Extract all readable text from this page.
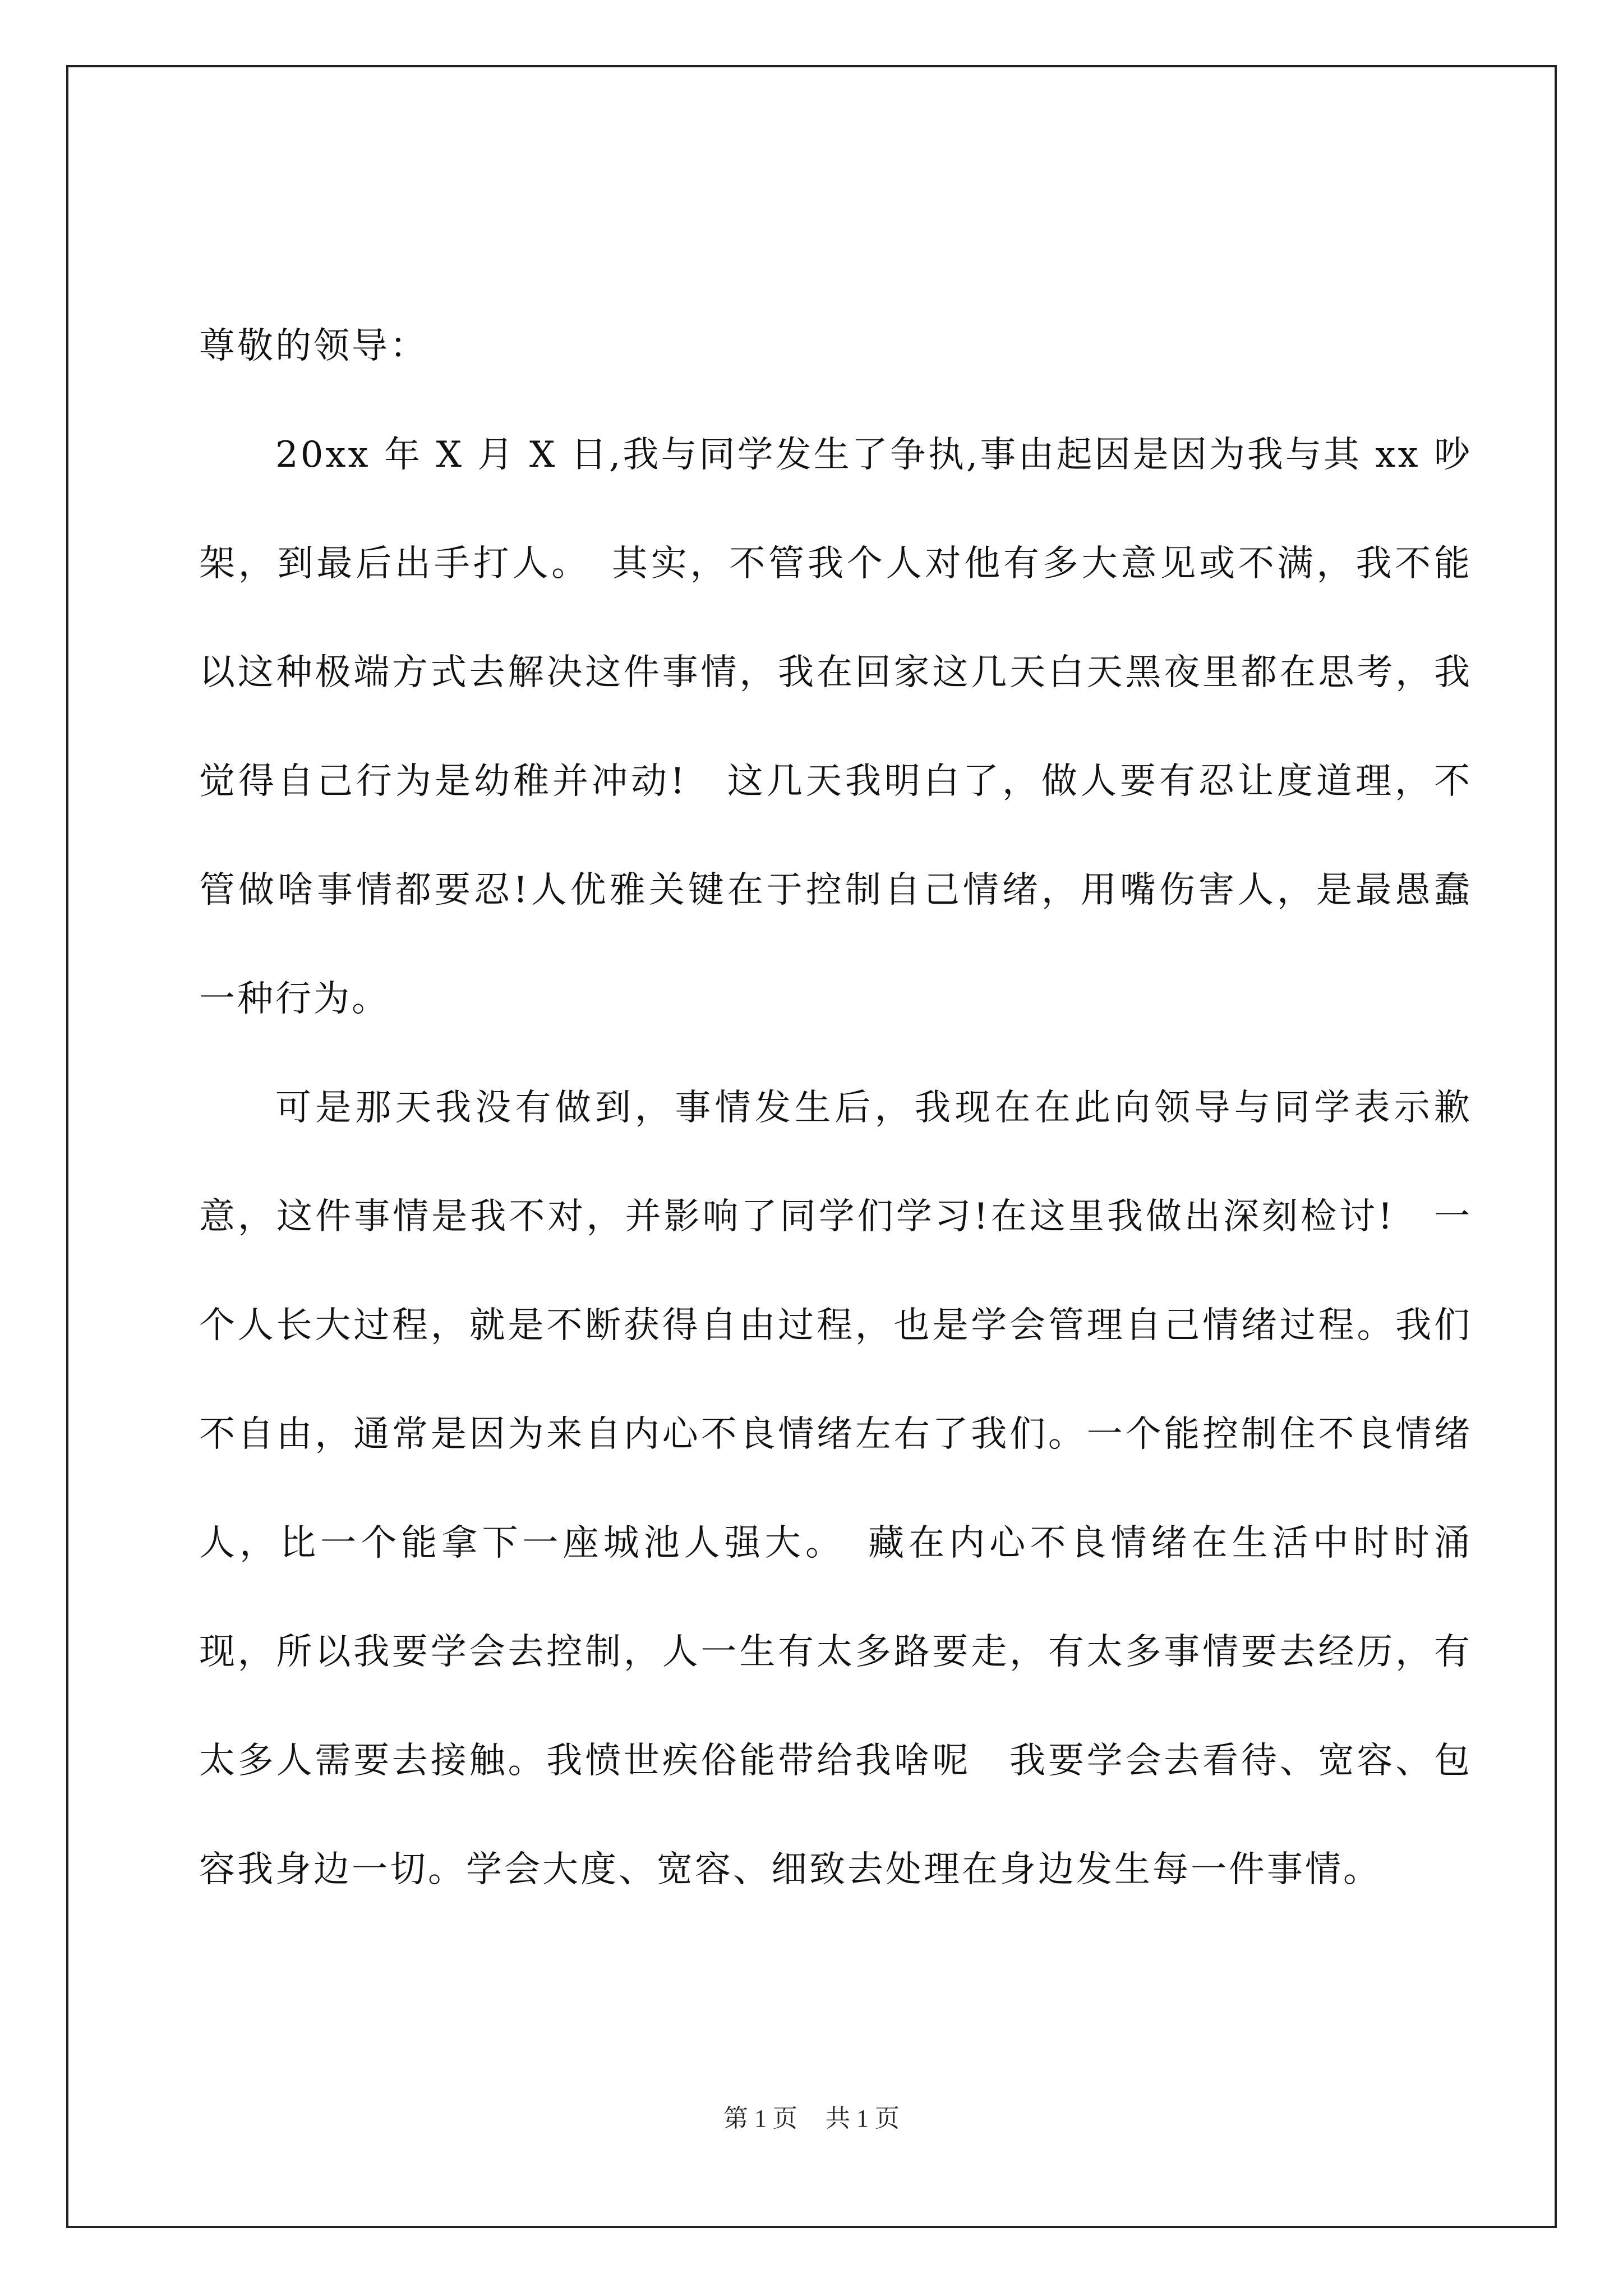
尊敬的领导：

20xx 年 X 月 X 日,我与同学发生了争执,事由起因是因为我与其 xx 吵架，到最后出手打人。　其实，不管我个人对他有多大意见或不满，我不能以这种极端方式去解决这件事情，我在回家这几天白天黑夜里都在思考，我觉得自己行为是幼稚并冲动!　这几天我明白了，做人要有忍让度道理，不管做啥事情都要忍!人优雅关键在于控制自己情绪，用嘴伤害人，是最愚蠢一种行为。

可是那天我没有做到，事情发生后，我现在在此向领导与同学表示歉意，这件事情是我不对，并影响了同学们学习!在这里我做出深刻检讨!　一个人长大过程，就是不断获得自由过程，也是学会管理自己情绪过程。我们不自由，通常是因为来自内心不良情绪左右了我们。一个能控制住不良情绪人，比一个能拿下一座城池人强大。　藏在内心不良情绪在生活中时时涌现，所以我要学会去控制，人一生有太多路要走，有太多事情要去经历，有太多人需要去接触。我愤世疾俗能带给我啥呢　我要学会去看待、宽容、包容我身边一切。学会大度、宽容、细致去处理在身边发生每一件事情。

第 1 页 共 1 页
